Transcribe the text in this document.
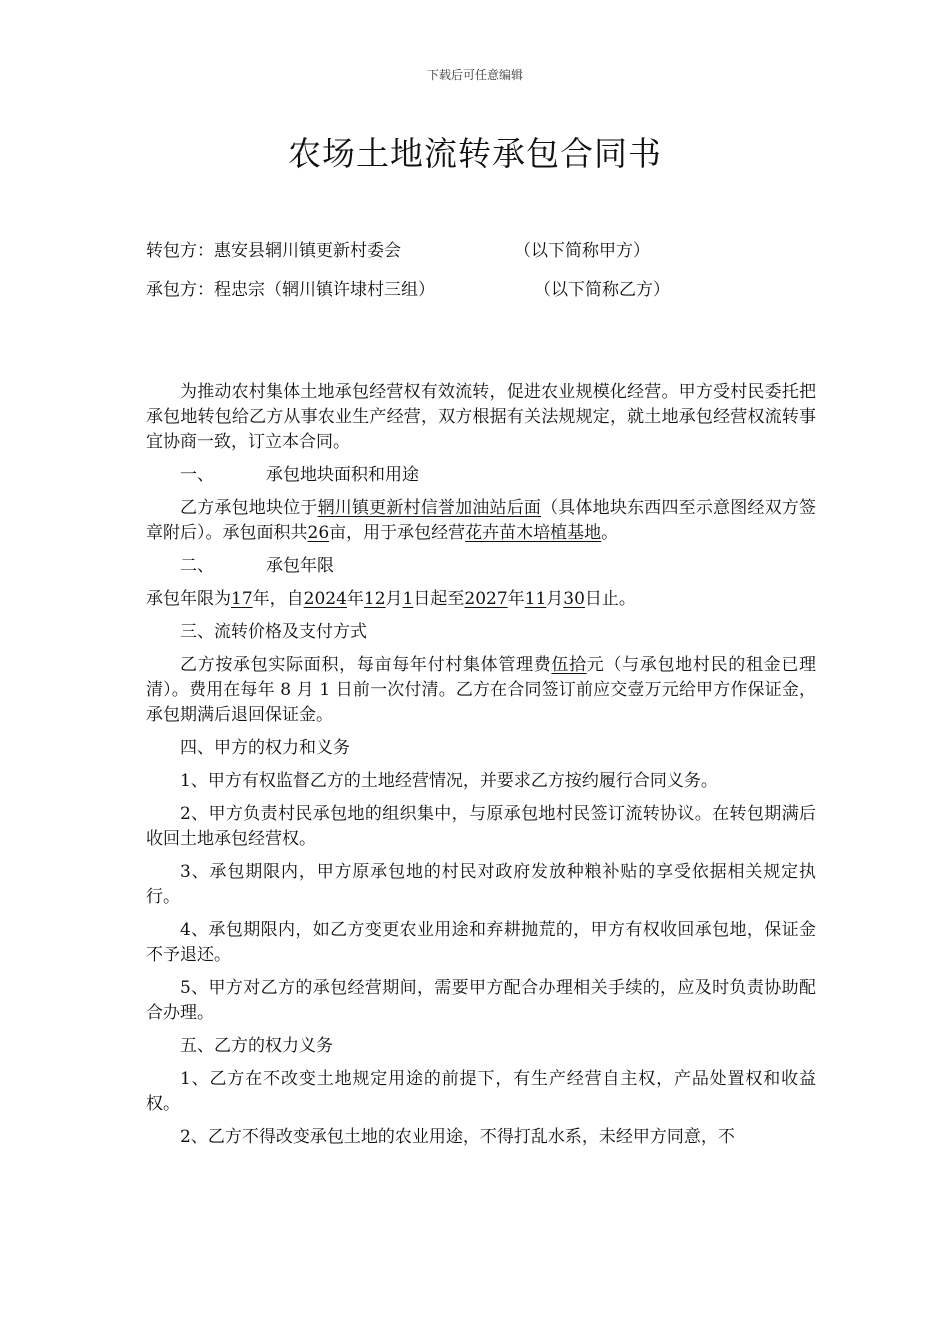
下载后可任意编辑
农场土地流转承包合同书
转包方：惠安县辋川镇更新村委会	（以下简称甲方）
承包方：程忠宗（辋川镇许埭村三组）	（以下简称乙方）

为推动农村集体土地承包经营权有效流转，促进农业规模化经营。甲方受村民委托把承包地转包给乙方从事农业生产经营，双方根据有关法规规定，就土地承包经营权流转事宜协商一致，订立本合同。

一、	承包地块面积和用途

乙方承包地块位于辋川镇更新村信誉加油站后面（具体地块东西四至示意图经双方签章附后）。承包面积共26亩，用于承包经营花卉苗木培植基地。

二、	承包年限

承包年限为17年，自2024年12月1日起至2027年11月30日止。

三、流转价格及支付方式

乙方按承包实际面积，每亩每年付村集体管理费伍拾元（与承包地村民的租金已理清）。费用在每年 8 月 1 日前一次付清。乙方在合同签订前应交壹万元给甲方作保证金，承包期满后退回保证金。

四、甲方的权力和义务

1、甲方有权监督乙方的土地经营情况，并要求乙方按约履行合同义务。

2、甲方负责村民承包地的组织集中，与原承包地村民签订流转协议。在转包期满后收回土地承包经营权。

3、承包期限内，甲方原承包地的村民对政府发放种粮补贴的享受依据相关规定执行。

4、承包期限内，如乙方变更农业用途和弃耕抛荒的，甲方有权收回承包地，保证金不予退还。

5、甲方对乙方的承包经营期间，需要甲方配合办理相关手续的，应及时负责协助配合办理。

五、乙方的权力义务

1、乙方在不改变土地规定用途的前提下，有生产经营自主权，产品处置权和收益权。

2、乙方不得改变承包土地的农业用途，不得打乱水系，未经甲方同意，不
